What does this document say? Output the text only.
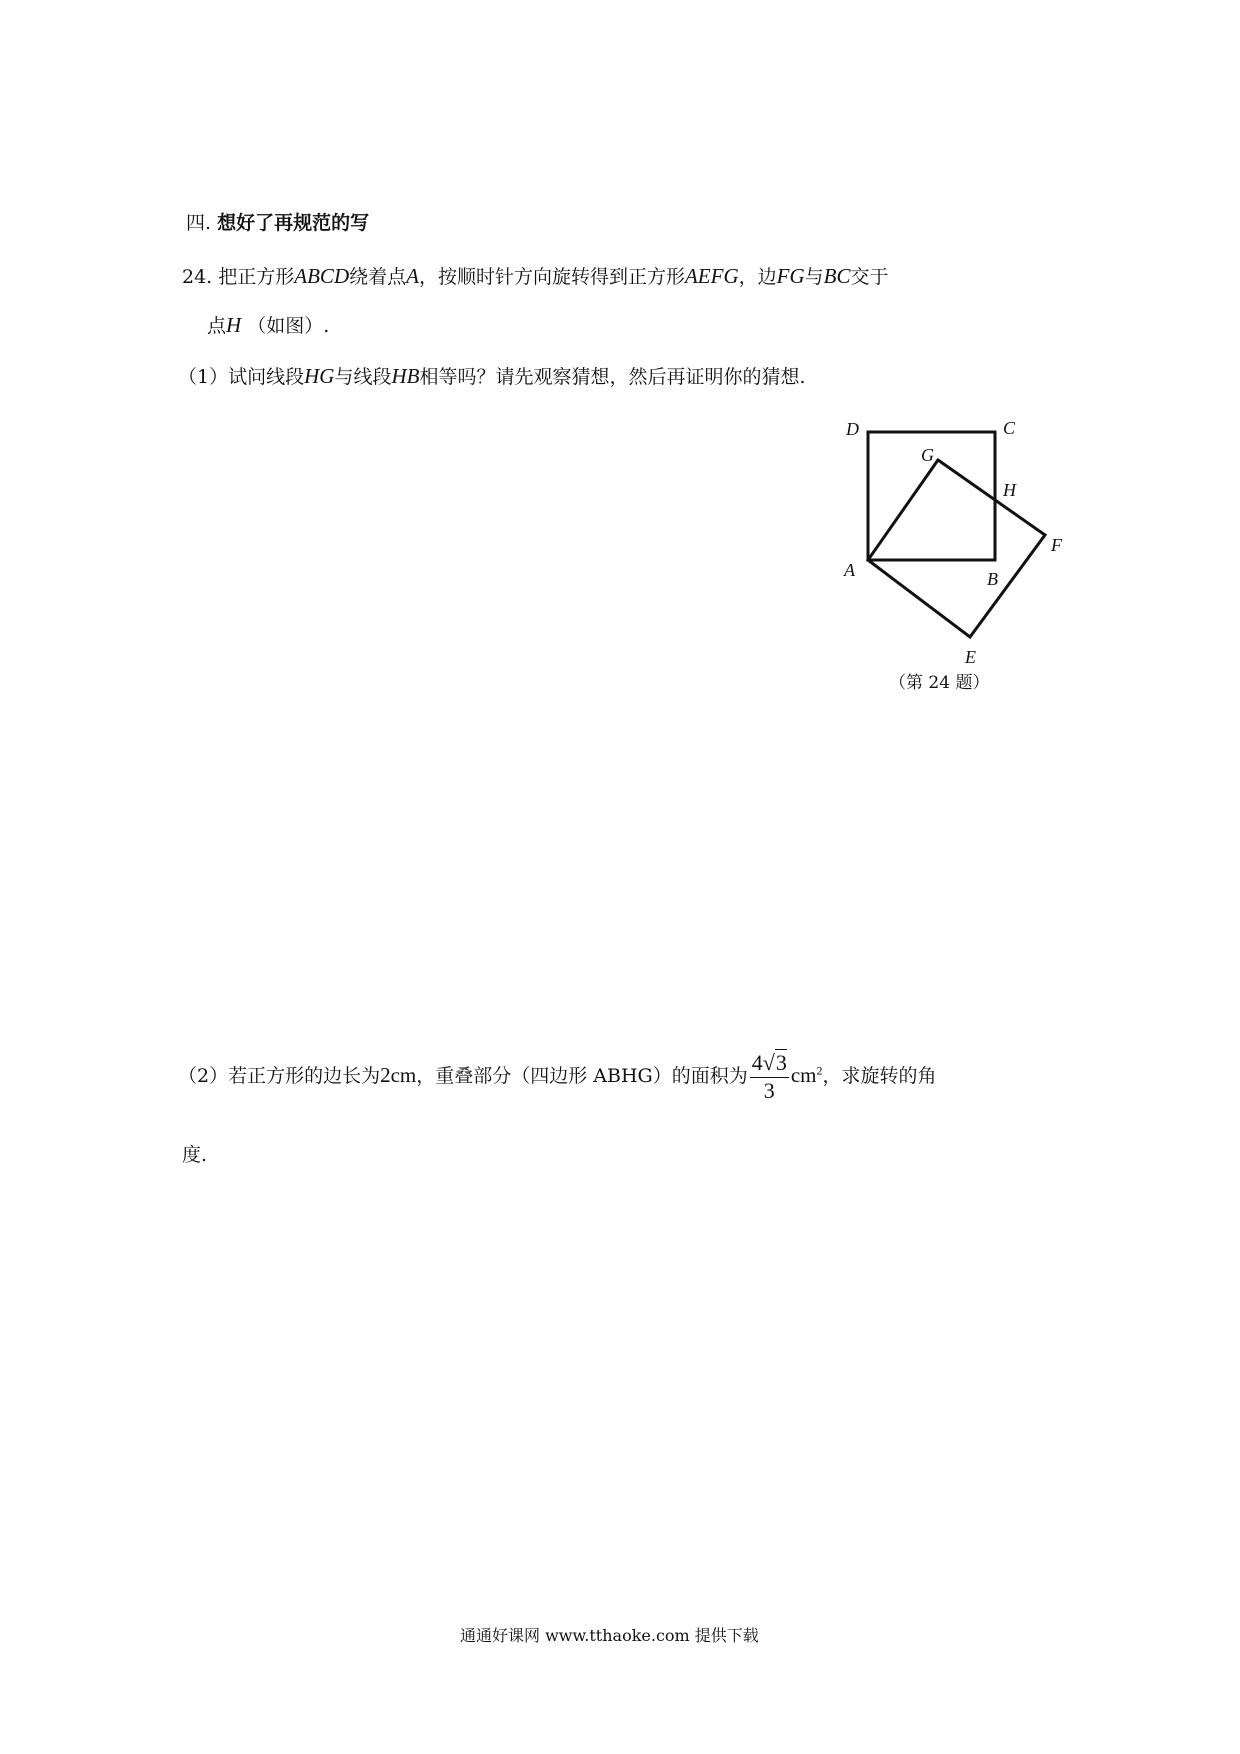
四. 想好了再规范的写
24. 把正方形ABCD绕着点A，按顺时针方向旋转得到正方形AEFG，边FG与BC交于
点H （如图）.
（1）试问线段HG与线段HB相等吗？请先观察猜想，然后再证明你的猜想.
D	C
G
H
F
A	B
E
（第 24 题）
（2）若正方形的边长为2cm，重叠部分（四边形 ABHG）的面积为 $\frac{4√3}{3} cm^2$，求旋转的角
度.
通通好课网 www.tthaoke.com 提供下载
